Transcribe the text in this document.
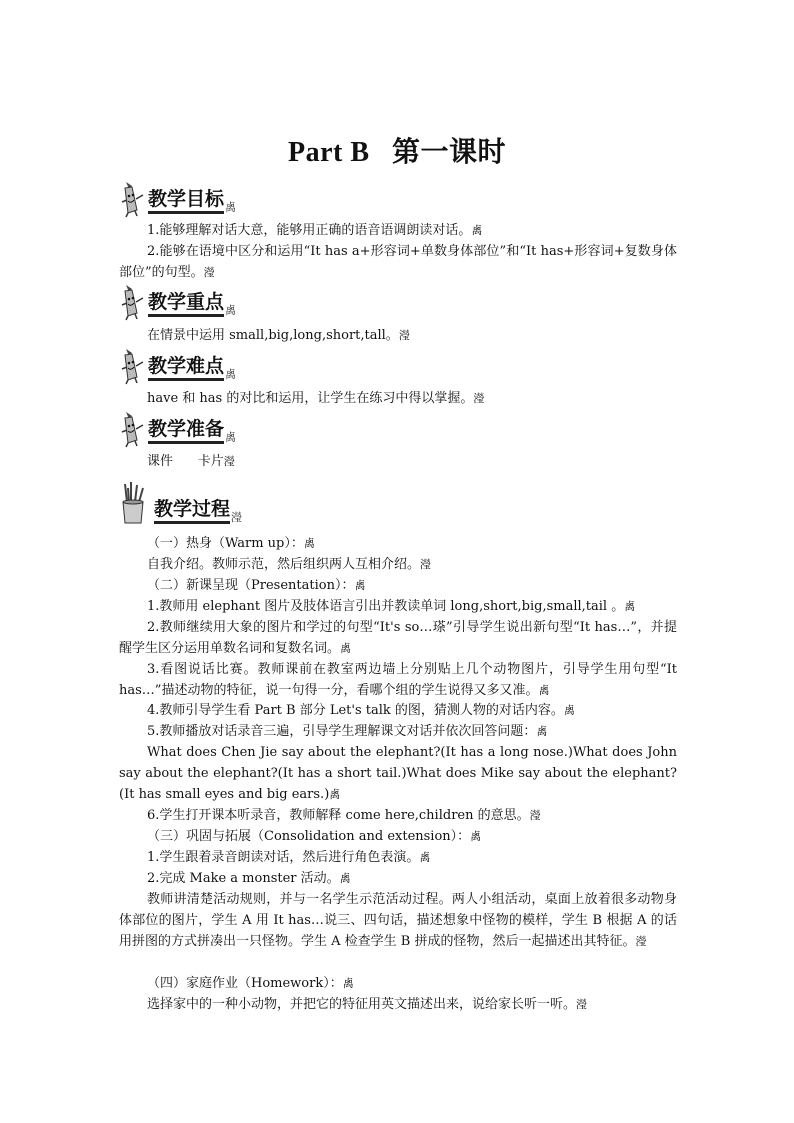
Part B   第一课时
教学目标$_禼$
1.能够理解对话大意，能够用正确的语音语调朗读对话。禼
2.能够在语境中区分和运用“It has a+形容词+单数身体部位”和“It has+形容词+复数身体部位”的句型。瀅
教学重点$_禼$
在情景中运用 small,big,long,short,tall。瀅
教学难点$_禼$
have 和 has 的对比和运用，让学生在练习中得以掌握。瀅
教学准备$_禼$
课件      卡片瀅
教学过程$_瀅$
（一）热身（Warm up）：禼
自我介绍。教师示范，然后组织两人互相介绍。瀅
（二）新课呈现（Presentation）：禼
1.教师用 elephant 图片及肢体语言引出并教读单词 long,short,big,small,tail 。禼
2.教师继续用大象的图片和学过的句型“It's so…瑹”引导学生说出新句型“It has…”，并提醒学生区分运用单数名词和复数名词。禼
3.看图说话比赛。教师课前在教室两边墙上分别贴上几个动物图片，引导学生用句型“It has…”描述动物的特征，说一句得一分，看哪个组的学生说得又多又准。禼
4.教师引导学生看 Part B 部分 Let's talk 的图，猜测人物的对话内容。禼
5.教师播放对话录音三遍，引导学生理解课文对话并依次回答问题：禼
What does Chen Jie say about the elephant?(It has a long nose.)What does John say about the elephant?(It has a short tail.)What does Mike say about the elephant?(It has small eyes and big ears.)禼
6.学生打开课本听录音，教师解释 come here,children 的意思。瀅
（三）巩固与拓展（Consolidation and extension）：禼
1.学生跟着录音朗读对话，然后进行角色表演。禼
2.完成 Make a monster 活动。禼
教师讲清楚活动规则，并与一名学生示范活动过程。两人小组活动，桌面上放着很多动物身体部位的图片，学生 A 用 It has…说三、四句话，描述想象中怪物的模样，学生 B 根据 A 的话用拼图的方式拼凑出一只怪物。学生 A 检查学生 B 拼成的怪物，然后一起描述出其特征。瀅
（四）家庭作业（Homework）：禼
选择家中的一种小动物，并把它的特征用英文描述出来，说给家长听一听。瀅
